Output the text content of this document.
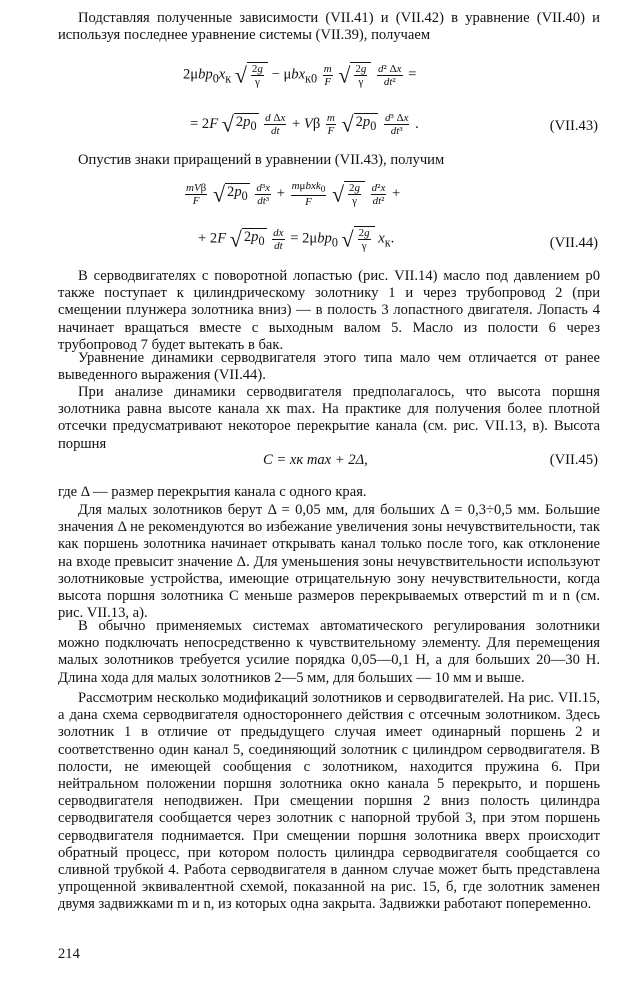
Подставляя полученные зависимости (VII.41) и (VII.42) в уравнение (VII.40) и используя последнее уравнение системы (VII.39), получаем

$2\mu bp_0x_к$ √ $\frac{2g}{\gamma} - \mu bx_{к0} \frac{m}{F}$ √ $\frac{2g}{\gamma}$
$\frac{\text{d² Δx}}{\text{dt²}}$ =
= 2F √ $2p_0 \frac{\text{d Δx}}{dt} + V\beta \frac{m}{F}$ √ $2p_0 \frac{\text{d³ Δx}}{\text{dt³}}$ .	(VII.43)

Опустив знаки приращений в уравнении (VII.43), получим

$\frac{\text{mVβ}}{F}$ √ $2p_0 \frac{\text{d³x}}{\text{dt³}} + \frac{m\mu bxk_0}{F}$ √ $\frac{2g}{\gamma}$
$\frac{\text{d²x}}{\text{dt²}}$ +
+ 2F √ $2p_0 \frac{dx}{dt} = 2\mu bp_0$ √ $\frac{2g}{\gamma} x_к$.	(VII.44)

В серводвигателях с поворотной лопастью (рис. VII.14) масло под давлением p0 также поступает к цилиндрическому золотнику 1 и через трубопровод 2 (при смещении плунжера золотника вниз) — в полость 3 лопастного двигателя. Лопасть 4 начинает вращаться вместе с выходным валом 5. Масло из полости 6 через трубопровод 7 будет вытекать в бак.

Уравнение динамики серводвигателя этого типа мало чем отличается от ранее выведенного выражения (VII.44).

При анализе динамики серводвигателя предполагалось, что высота поршня золотника равна высоте канала xк max. На практике для получения более плотной отсечки предусматривают некоторое перекрытие канала (см. рис. VII.13, в). Высота поршня

C = xк max + 2Δ,	(VII.45)

где Δ — размер перекрытия канала с одного края.

Для малых золотников берут Δ = 0,05 мм, для больших Δ = 0,3÷0,5 мм. Большие значения Δ не рекомендуются во избежание увеличения зоны нечувствительности, так как поршень золотника начинает открывать канал только после того, как отклонение на входе превысит значение Δ. Для уменьшения зоны нечувствительности используют золотниковые устройства, имеющие отрицательную зону нечувствительности, когда высота поршня золотника C меньше размеров перекрываемых отверстий m и n (см. рис. VII.13, а).

В обычно применяемых системах автоматического регулирования золотники можно подключать непосредственно к чувствительному элементу. Для перемещения малых золотников требуется усилие порядка 0,05—0,1 Н, а для больших 20—30 Н. Длина хода для малых золотников 2—5 мм, для больших — 10 мм и выше.

Рассмотрим несколько модификаций золотников и серводвигателей. На рис. VII.15, а дана схема серводвигателя одностороннего действия с отсечным золотником. Здесь золотник 1 в отличие от предыдущего случая имеет одинарный поршень 2 и соответственно один канал 5, соединяющий золотник с цилиндром серводвигателя. В полости, не имеющей сообщения с золотником, находится пружина 6. При нейтральном положении поршня золотника окно канала 5 перекрыто, и поршень серводвигателя неподвижен. При смещении поршня 2 вниз полость цилиндра серводвигателя сообщается через золотник с напорной трубой 3, при этом поршень серводвигателя поднимается. При смещении поршня золотника вверх происходит обратный процесс, при котором полость цилиндра серводвигателя сообщается со сливной трубкой 4. Работа серводвигателя в данном случае может быть представлена упрощенной эквивалентной схемой, показанной на рис. 15, б, где золотник заменен двумя задвижками m и n, из которых одна закрыта. Задвижки работают попеременно.

214
